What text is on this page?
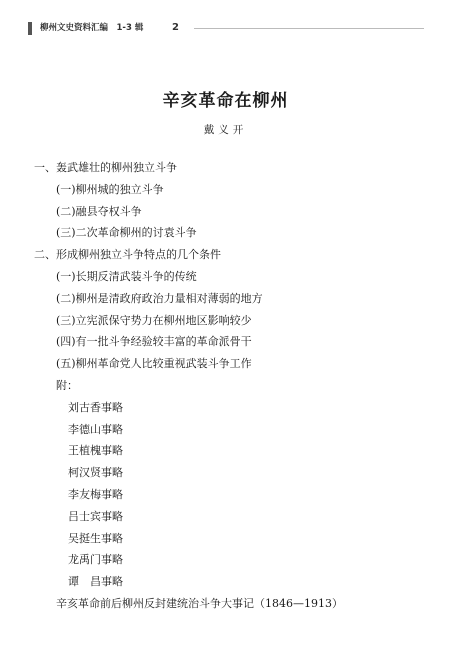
柳州文史资料汇编　1-3 辑	2
辛亥革命在柳州
戴义开
一、轰武雄壮的柳州独立斗争
(一)柳州城的独立斗争
(二)融县夺权斗争
(三)二次革命柳州的讨袁斗争
二、形成柳州独立斗争特点的几个条件
(一)长期反清武装斗争的传统
(二)柳州是清政府政治力量相对薄弱的地方
(三)立宪派保守势力在柳州地区影响较少
(四)有一批斗争经验较丰富的革命派骨干
(五)柳州革命党人比较重视武装斗争工作
附：
刘古香事略
李德山事略
王植槐事略
柯汉贤事略
李友梅事略
吕士宾事略
吴挺生事略
龙禹门事略
谭　昌事略
辛亥革命前后柳州反封建统治斗争大事记（1846—1913）
